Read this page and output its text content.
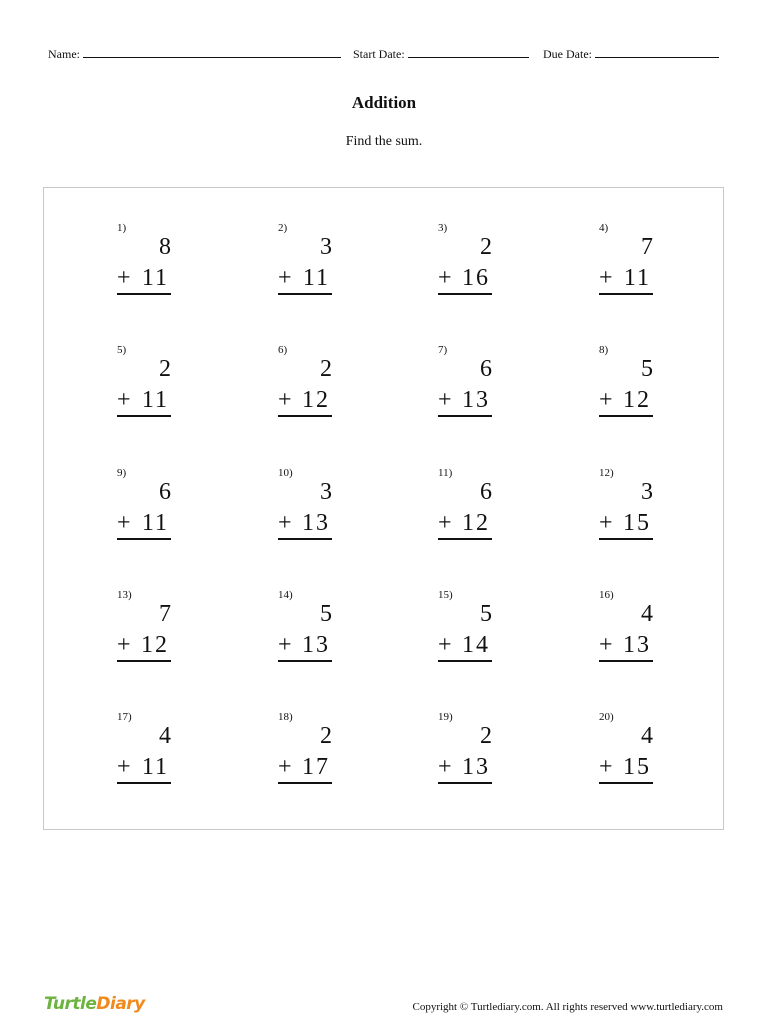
Name:	Start Date:	Due Date:
Addition
Find the sum.
1)
8
+ 11
2)
3
+ 11
3)
2
+ 16
4)
7
+ 11
5)
2
+ 11
6)
2
+ 12
7)
6
+ 13
8)
5
+ 12
9)
6
+ 11
10)
3
+ 13
11)
6
+ 12
12)
3
+ 15
13)
7
+ 12
14)
5
+ 13
15)
5
+ 14
16)
4
+ 13
17)
4
+ 11
18)
2
+ 17
19)
2
+ 13
20)
4
+ 15
TurtleDiary	Copyright © Turtlediary.com. All rights reserved www.turtlediary.com
